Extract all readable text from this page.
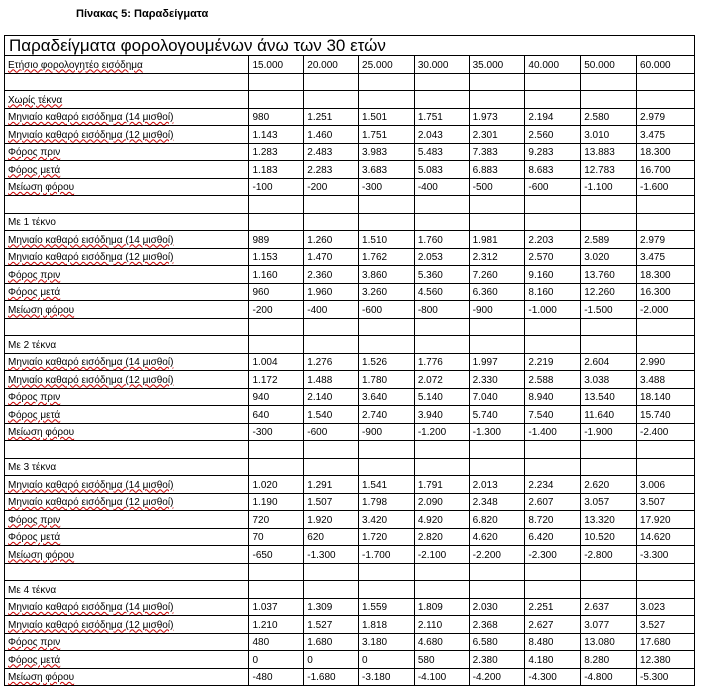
Πίνακας 5: Παραδείγματα
Παραδείγματα φορολογουμένων άνω των 30 ετών								
Ετήσιο φορολογητέο εισόδημα	15.000	20.000	25.000	30.000	35.000	40.000	50.000	60.000

Χωρίς τέκνα								
Μηνιαίο καθαρό εισόδημα (14 μισθοί)	980	1.251	1.501	1.751	1.973	2.194	2.580	2.979
Μηνιαίο καθαρό εισόδημα (12 μισθοί)	1.143	1.460	1.751	2.043	2.301	2.560	3.010	3.475
Φόρος πριν	1.283	2.483	3.983	5.483	7.383	9.283	13.883	18.300
Φόρος μετά	1.183	2.283	3.683	5.083	6.883	8.683	12.783	16.700
Μείωση φόρου	-100	-200	-300	-400	-500	-600	-1.100	-1.600

Με 1 τέκνο								
Μηνιαίο καθαρό εισόδημα (14 μισθοί)	989	1.260	1.510	1.760	1.981	2.203	2.589	2.979
Μηνιαίο καθαρό εισόδημα (12 μισθοί)	1.153	1.470	1.762	2.053	2.312	2.570	3.020	3.475
Φόρος πριν	1.160	2.360	3.860	5.360	7.260	9.160	13.760	18.300
Φόρος μετά	960	1.960	3.260	4.560	6.360	8.160	12.260	16.300
Μείωση φόρου	-200	-400	-600	-800	-900	-1.000	-1.500	-2.000

Με 2 τέκνα								
Μηνιαίο καθαρό εισόδημα (14 μισθοί)	1.004	1.276	1.526	1.776	1.997	2.219	2.604	2.990
Μηνιαίο καθαρό εισόδημα (12 μισθοί)	1.172	1.488	1.780	2.072	2.330	2.588	3.038	3.488
Φόρος πριν	940	2.140	3.640	5.140	7.040	8.940	13.540	18.140
Φόρος μετά	640	1.540	2.740	3.940	5.740	7.540	11.640	15.740
Μείωση φόρου	-300	-600	-900	-1.200	-1.300	-1.400	-1.900	-2.400

Με 3 τέκνα								
Μηνιαίο καθαρό εισόδημα (14 μισθοί)	1.020	1.291	1.541	1.791	2.013	2.234	2.620	3.006
Μηνιαίο καθαρό εισόδημα (12 μισθοί)	1.190	1.507	1.798	2.090	2.348	2.607	3.057	3.507
Φόρος πριν	720	1.920	3.420	4.920	6.820	8.720	13.320	17.920
Φόρος μετά	70	620	1.720	2.820	4.620	6.420	10.520	14.620
Μείωση φόρου	-650	-1.300	-1.700	-2.100	-2.200	-2.300	-2.800	-3.300

Με 4 τέκνα								
Μηνιαίο καθαρό εισόδημα (14 μισθοί)	1.037	1.309	1.559	1.809	2.030	2.251	2.637	3.023
Μηνιαίο καθαρό εισόδημα (12 μισθοί)	1.210	1.527	1.818	2.110	2.368	2.627	3.077	3.527
Φόρος πριν	480	1.680	3.180	4.680	6.580	8.480	13.080	17.680
Φόρος μετά	0	0	0	580	2.380	4.180	8.280	12.380
Μείωση φόρου	-480	-1.680	-3.180	-4.100	-4.200	-4.300	-4.800	-5.300
